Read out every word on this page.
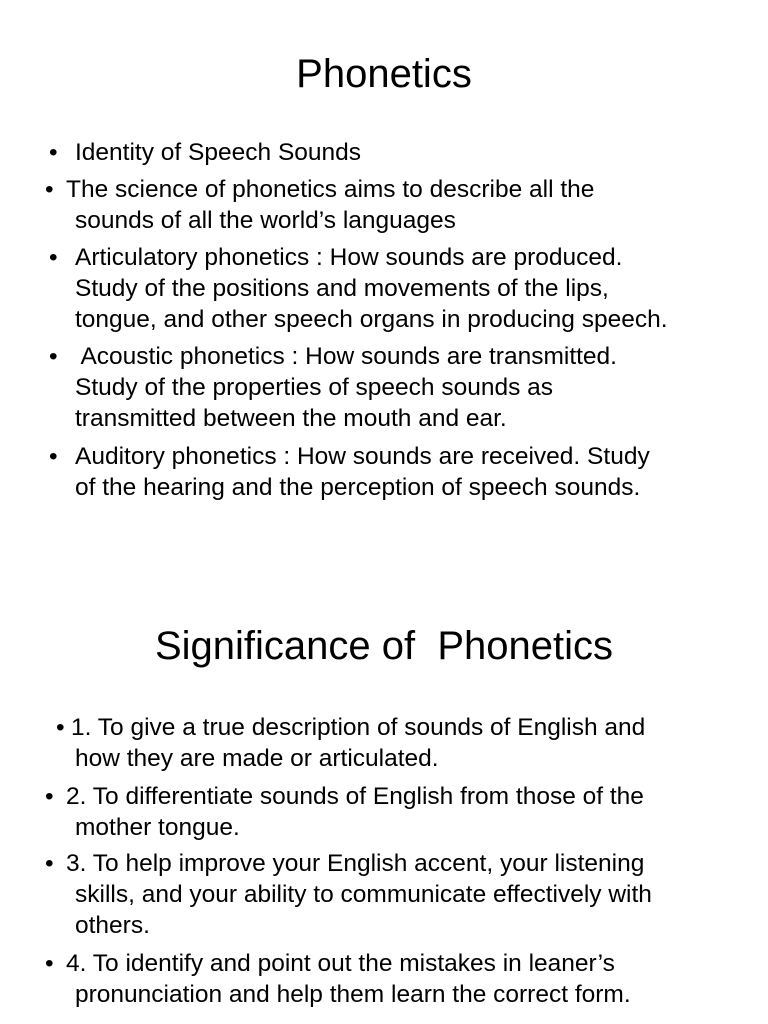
Phonetics
• Identity of Speech Sounds
• The science of phonetics aims to describe all the
sounds of all the world’s languages
• Articulatory phonetics : How sounds are produced.
Study of the positions and movements of the lips,
tongue, and other speech organs in producing speech.
• Acoustic phonetics : How sounds are transmitted.
Study of the properties of speech sounds as
transmitted between the mouth and ear.
• Auditory phonetics : How sounds are received. Study
of the hearing and the perception of speech sounds.
Significance of  Phonetics
• 1. To give a true description of sounds of English and
how they are made or articulated.
• 2. To differentiate sounds of English from those of the
mother tongue.
• 3. To help improve your English accent, your listening
skills, and your ability to communicate effectively with
others.
• 4. To identify and point out the mistakes in leaner’s
pronunciation and help them learn the correct form.
